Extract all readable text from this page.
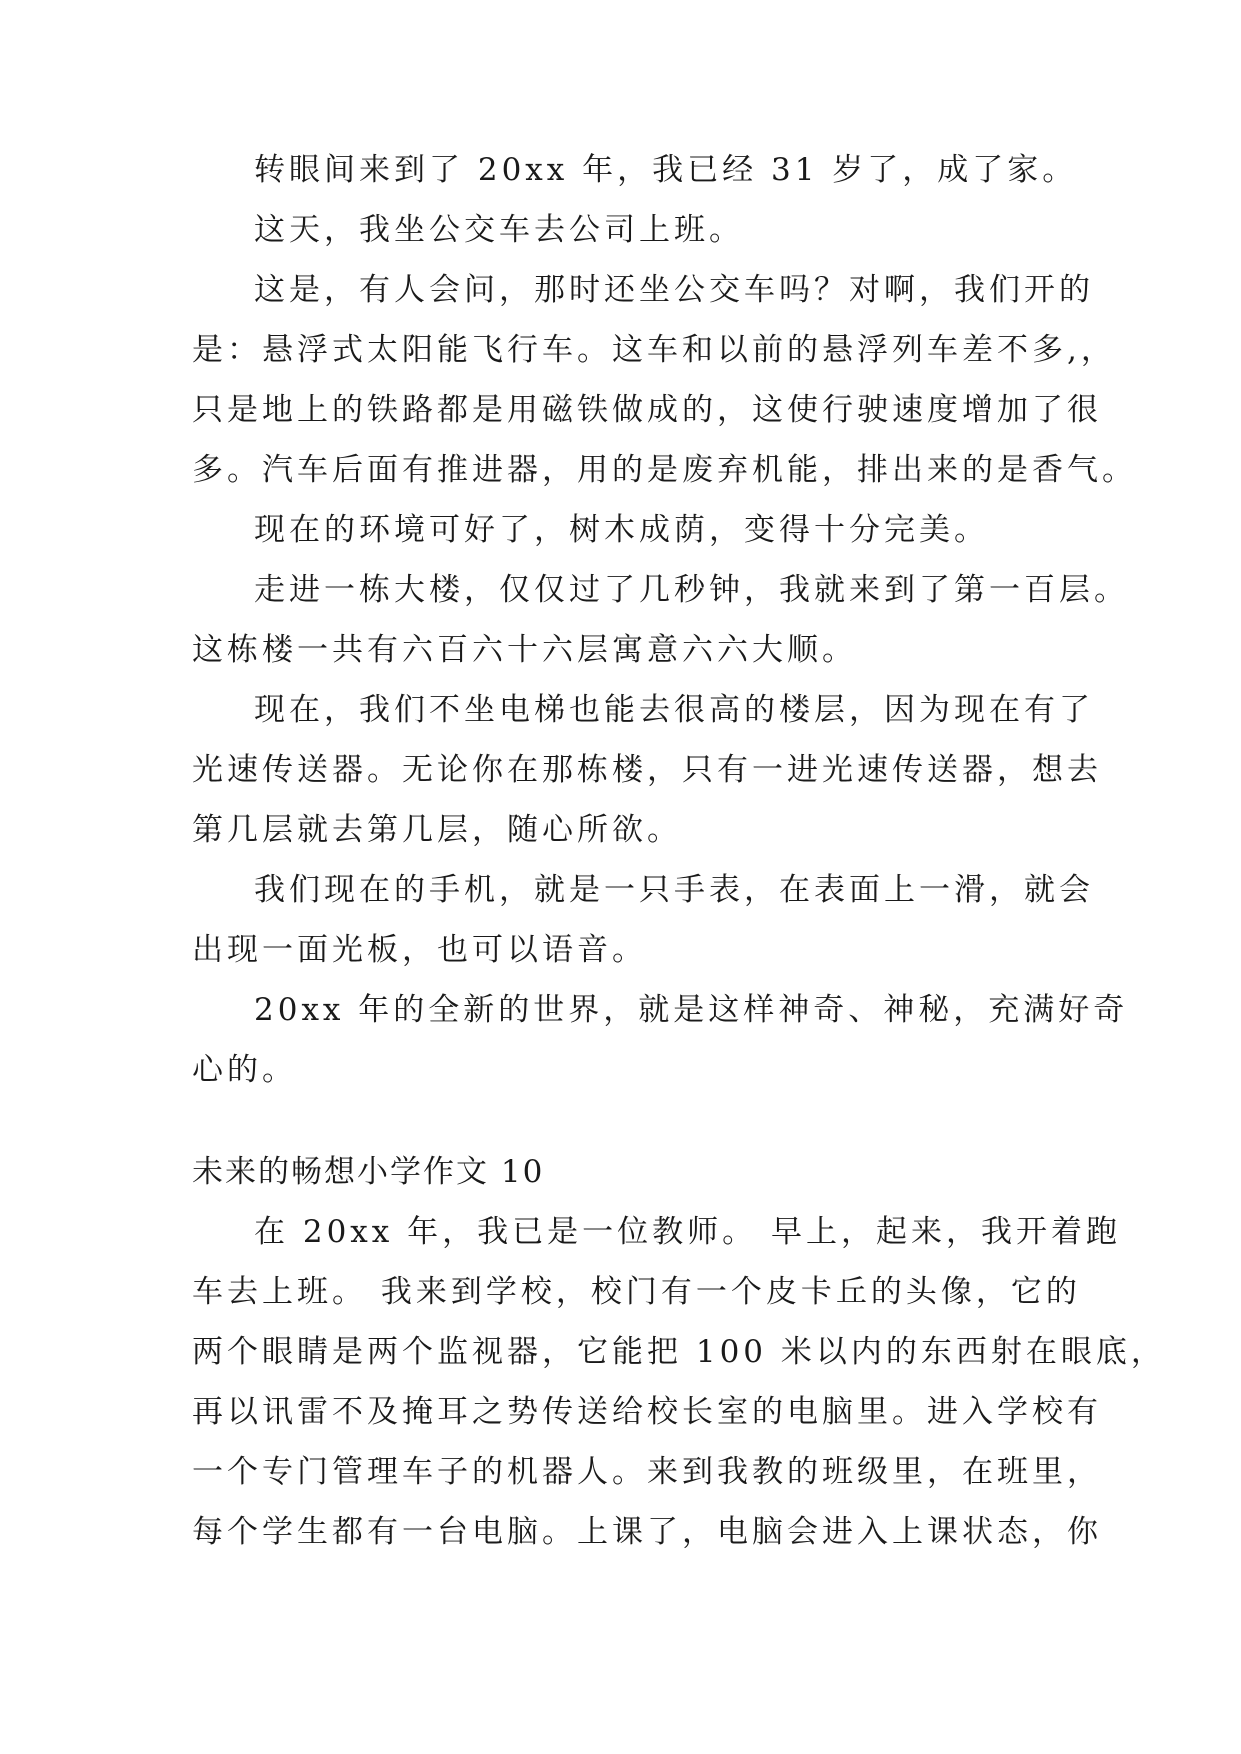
转眼间来到了 20xx 年，我已经 31 岁了，成了家。
这天，我坐公交车去公司上班。
这是，有人会问，那时还坐公交车吗？对啊，我们开的
是：悬浮式太阳能飞行车。这车和以前的悬浮列车差不多,，
只是地上的铁路都是用磁铁做成的，这使行驶速度增加了很
多。汽车后面有推进器，用的是废弃机能，排出来的是香气。
现在的环境可好了，树木成荫，变得十分完美。
走进一栋大楼，仅仅过了几秒钟，我就来到了第一百层。
这栋楼一共有六百六十六层寓意六六大顺。
现在，我们不坐电梯也能去很高的楼层，因为现在有了
光速传送器。无论你在那栋楼，只有一进光速传送器，想去
第几层就去第几层，随心所欲。
我们现在的手机，就是一只手表，在表面上一滑，就会
出现一面光板，也可以语音。
20xx 年的全新的世界，就是这样神奇、神秘，充满好奇
心的。
未来的畅想小学作文 10
在 20xx 年，我已是一位教师。 早上，起来，我开着跑
车去上班。 我来到学校，校门有一个皮卡丘的头像，它的
两个眼睛是两个监视器，它能把 100 米以内的东西射在眼底，
再以讯雷不及掩耳之势传送给校长室的电脑里。进入学校有
一个专门管理车子的机器人。来到我教的班级里，在班里，
每个学生都有一台电脑。上课了，电脑会进入上课状态，你
